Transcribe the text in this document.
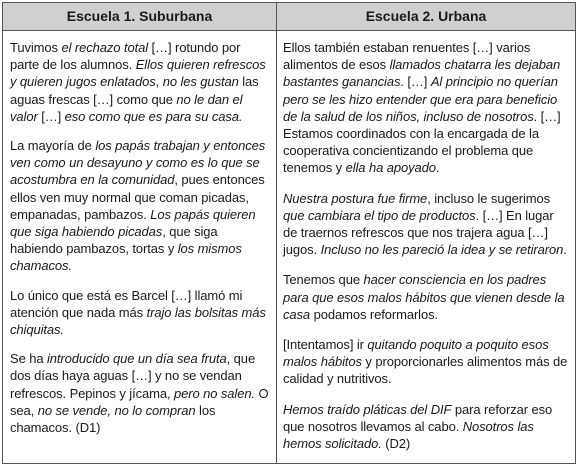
Escuela 1. Suburbana	Escuela 2. Urbana

Tuvimos el rechazo total […] rotundo por parte de los alumnos. Ellos quieren refrescos y quieren jugos enlatados, no les gustan las aguas frescas […] como que no le dan el valor […] eso como que es para su casa.

La mayoría de los papás trabajan y entonces ven como un desayuno y como es lo que se acostumbra en la comunidad, pues entonces ellos ven muy normal que coman picadas, empanadas, pambazos. Los papás quieren que siga habiendo picadas, que siga habiendo pambazos, tortas y los mismos chamacos.

Lo único que está es Barcel […] llamó mi atención que nada más trajo las bolsitas más chiquitas.

Se ha introducido que un día sea fruta, que dos días haya aguas […] y no se vendan refrescos. Pepinos y jícama, pero no salen. O sea, no se vende, no lo compran los chamacos. (D1)

Ellos también estaban renuentes […] varios alimentos de esos llamados chatarra les dejaban bastantes ganancias. […] Al principio no querían pero se les hizo entender que era para beneficio de la salud de los niños, incluso de nosotros. […] Estamos coordinados con la encargada de la cooperativa concientizando el problema que tenemos y ella ha apoyado.

Nuestra postura fue firme, incluso le sugerimos que cambiara el tipo de productos. […] En lugar de traernos refrescos que nos trajera agua […] jugos. Incluso no les pareció la idea y se retiraron.

Tenemos que hacer consciencia en los padres para que esos malos hábitos que vienen desde la casa podamos reformarlos.

[Intentamos] ir quitando poquito a poquito esos malos hábitos y proporcionarles alimentos más de calidad y nutritivos.

Hemos traído pláticas del DIF para reforzar eso que nosotros llevamos al cabo. Nosotros las hemos solicitado. (D2)
